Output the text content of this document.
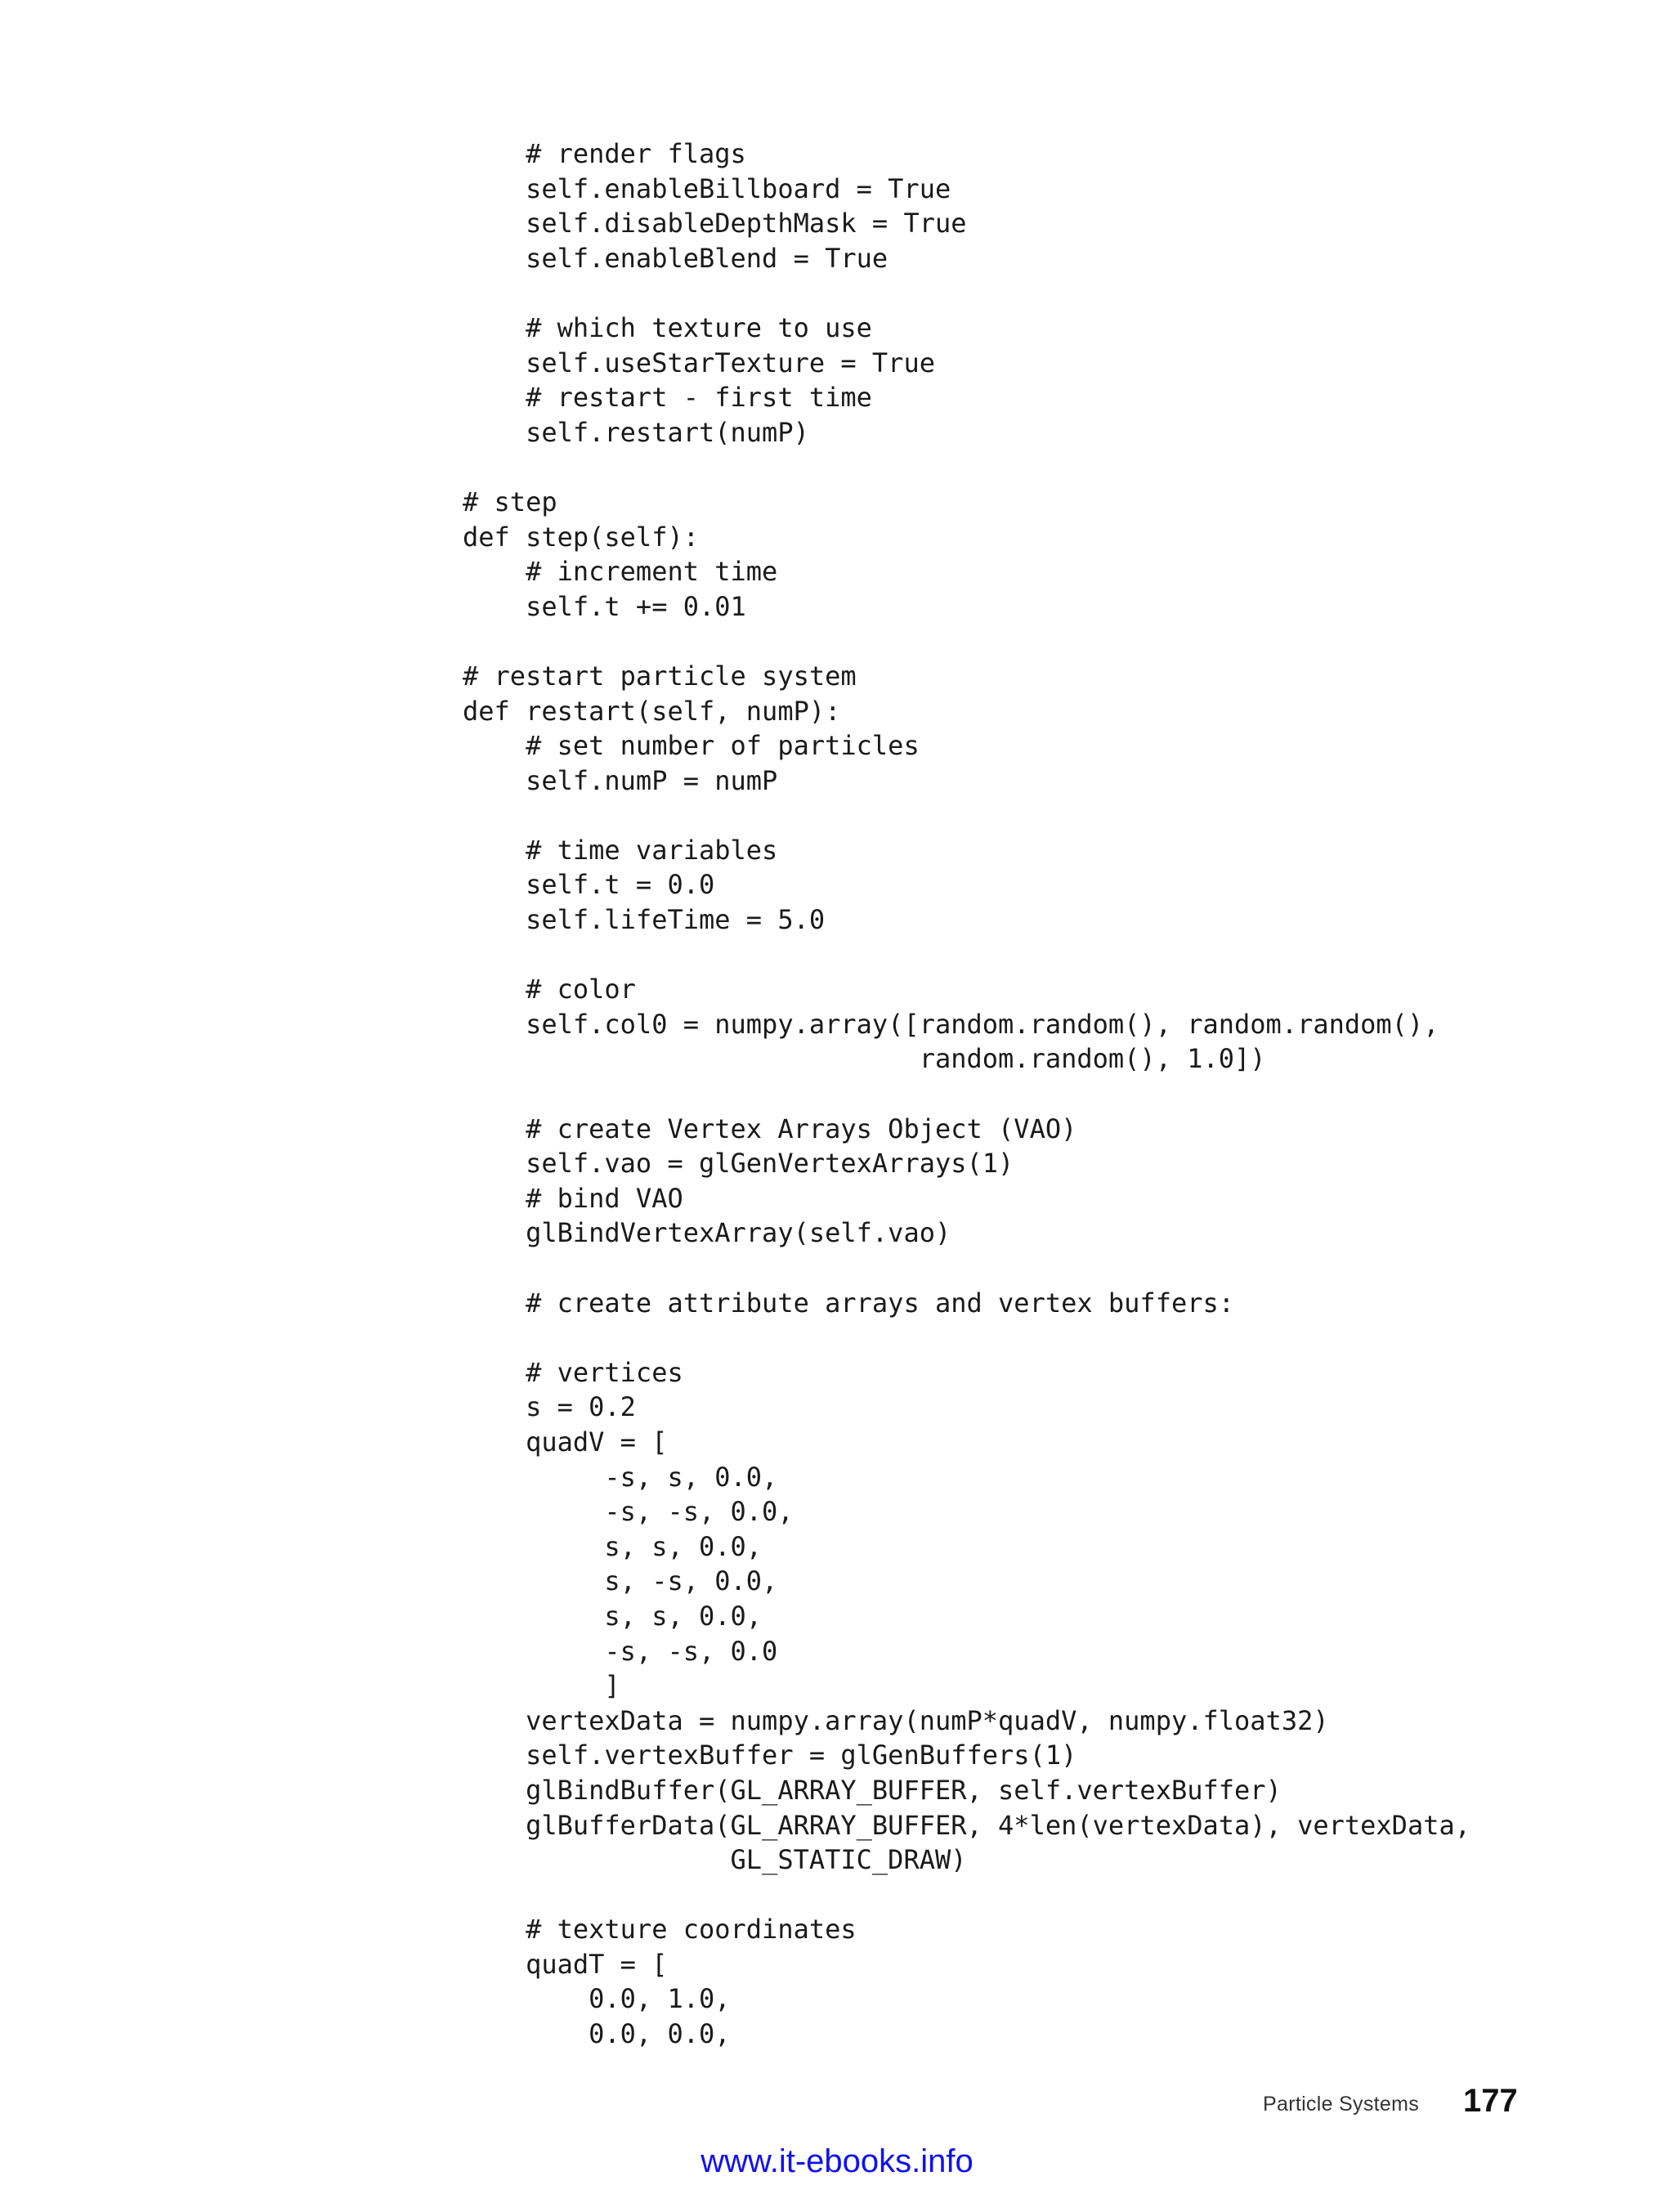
# render flags
self.enableBillboard = True
self.disableDepthMask = True
self.enableBlend = True
# which texture to use
self.useStarTexture = True
# restart - first time
self.restart(numP)
# step
def step(self):
# increment time
self.t += 0.01
# restart particle system
def restart(self, numP):
# set number of particles
self.numP = numP
# time variables
self.t = 0.0
self.lifeTime = 5.0
# color
self.col0 = numpy.array([random.random(), random.random(),
random.random(), 1.0])
# create Vertex Arrays Object (VAO)
self.vao = glGenVertexArrays(1)
# bind VAO
glBindVertexArray(self.vao)
# create attribute arrays and vertex buffers:
# vertices
s = 0.2
quadV = [
-s, s, 0.0,
-s, -s, 0.0,
s, s, 0.0,
s, -s, 0.0,
s, s, 0.0,
-s, -s, 0.0
]
vertexData = numpy.array(numP*quadV, numpy.float32)
self.vertexBuffer = glGenBuffers(1)
glBindBuffer(GL_ARRAY_BUFFER, self.vertexBuffer)
glBufferData(GL_ARRAY_BUFFER, 4*len(vertexData), vertexData,
GL_STATIC_DRAW)
# texture coordinates
quadT = [
0.0, 1.0,
0.0, 0.0,
Particle Systems 177
www.it-ebooks.info
